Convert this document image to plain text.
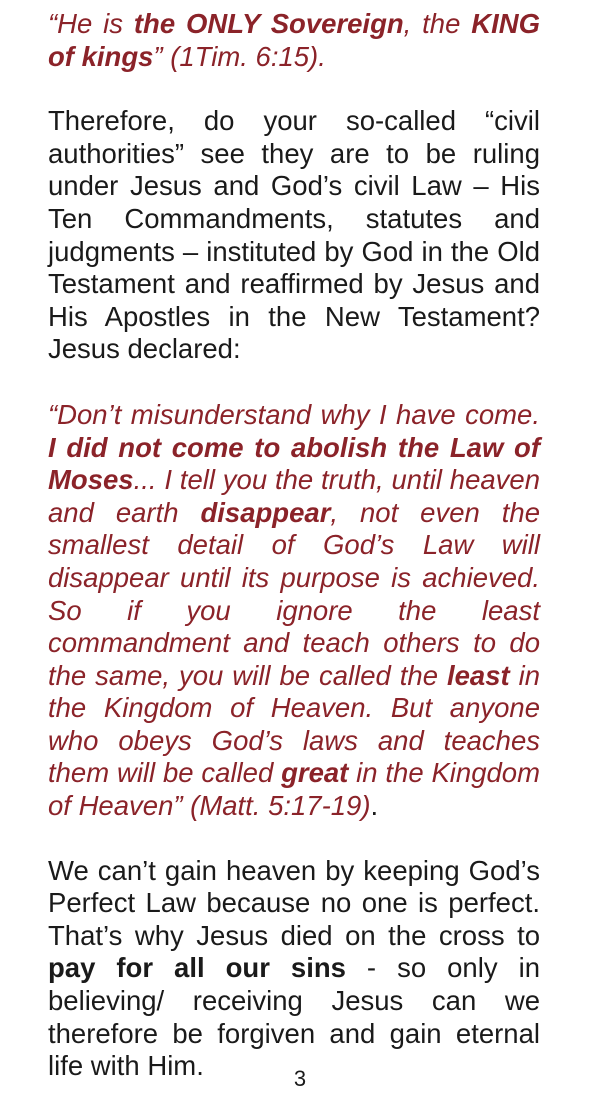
“He is the ONLY Sovereign, the KING of kings” (1Tim. 6:15).

Therefore, do your so-called “civil authorities” see they are to be ruling under Jesus and God’s civil Law – His Ten Commandments, statutes and judgments – instituted by God in the Old Testament and reaffirmed by Jesus and His Apostles in the New Testament? Jesus declared:

“Don’t misunderstand why I have come. I did not come to abolish the Law of Moses... I tell you the truth, until heaven and earth disappear, not even the smallest detail of God’s Law will disappear until its purpose is achieved. So if you ignore the least commandment and teach others to do the same, you will be called the least in the Kingdom of Heaven. But anyone who obeys God’s laws and teaches them will be called great in the Kingdom of Heaven” (Matt. 5:17-19).

We can’t gain heaven by keeping God’s Perfect Law because no one is perfect. That’s why Jesus died on the cross to pay for all our sins - so only in believing/ receiving Jesus can we therefore be forgiven and gain eternal life with Him.	3
